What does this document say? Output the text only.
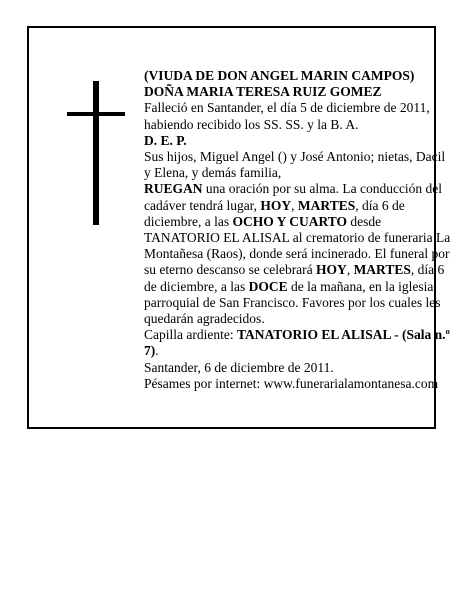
(VIUDA DE DON ANGEL MARIN CAMPOS)

DOÑA MARIA TERESA RUIZ GOMEZ

Falleció en Santander, el día 5 de diciembre de 2011, habiendo recibido los SS. SS. y la B. A.

D. E. P.

Sus hijos, Miguel Angel () y José Antonio; nietas, Dacil y Elena, y demás familia,

RUEGAN una oración por su alma. La conducción del cadáver tendrá lugar, HOY, MARTES, día 6 de diciembre, a las OCHO Y CUARTO desde TANATORIO EL ALISAL al crematorio de funeraria La Montañesa (Raos), donde será incinerado. El funeral por su eterno descanso se celebrará HOY, MARTES, día 6 de diciembre, a las DOCE de la mañana, en la iglesia parroquial de San Francisco. Favores por los cuales les quedarán agradecidos.

Capilla ardiente: TANATORIO EL ALISAL - (Sala n.º 7).

Santander, 6 de diciembre de 2011.

Pésames por internet: www.funerarialamontanesa.com
